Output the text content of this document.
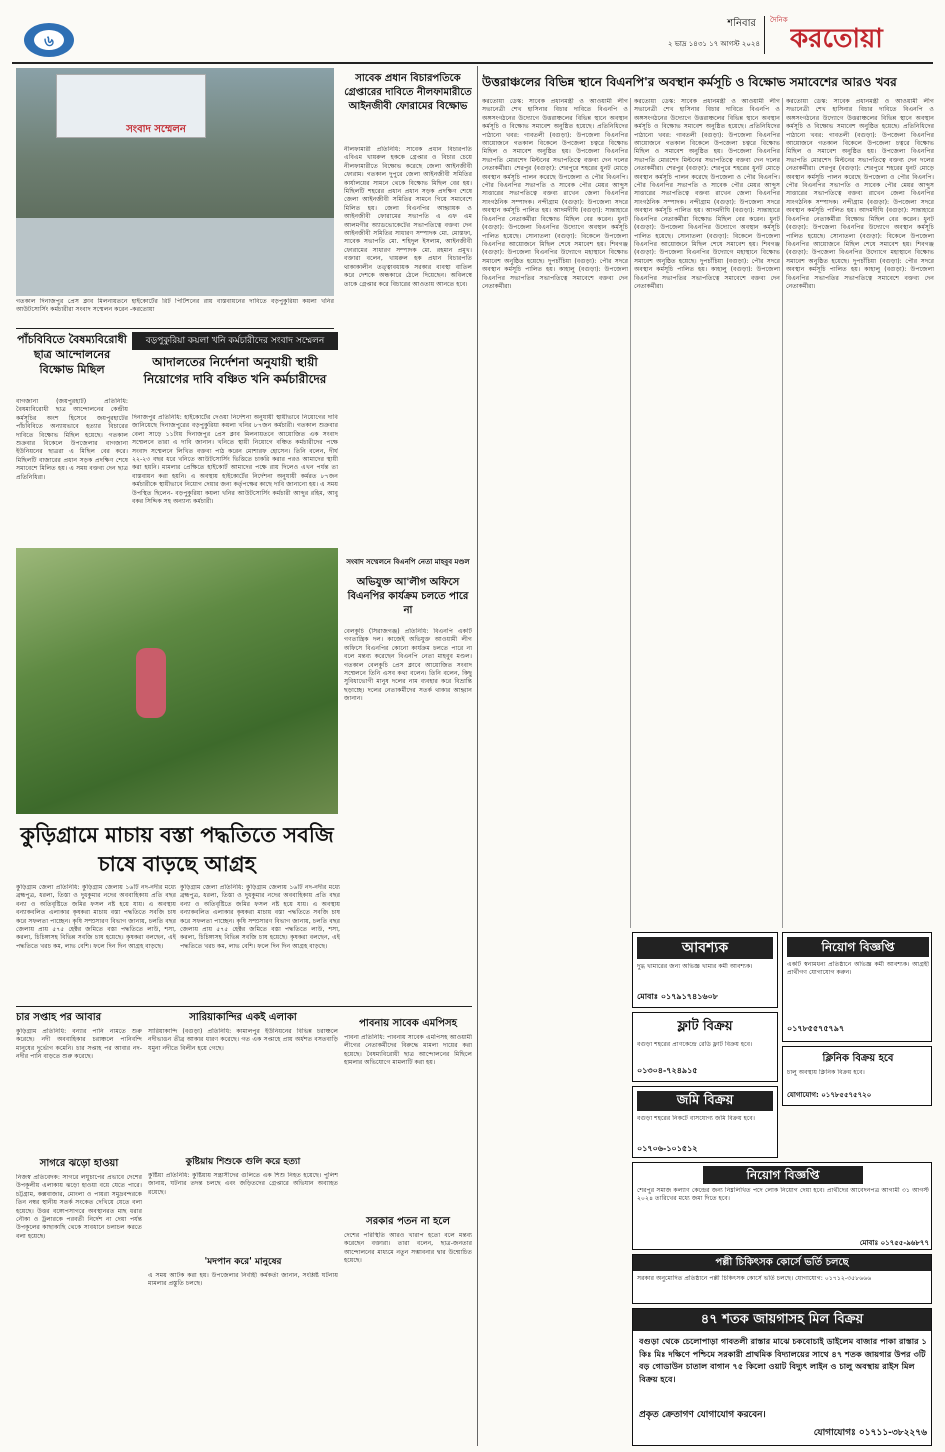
৬
শনিবার
২ ভাদ্র ১৪৩১ ১৭ আগস্ট ২০২৪
দৈনিক
করতোয়া
সংবাদ সম্মেলন
গতকাল দিনাজপুর প্রেস ক্লাব মিলনায়তনে হাইকোর্টের রিট পিটিশনের রায় বাস্তবায়নের দাবিতে বড়পুকুরিয়া কয়লা খনির আউটসোর্সিং কর্মচারীরা সংবাদ সম্মেলন করেন -করতোয়া
সাবেক প্রধান বিচারপতিকে গ্রেপ্তারের দাবিতে নীলফামারীতে আইনজীবী ফোরামের বিক্ষোভ
নীলফামারী প্রতিনিধি: সাবেক প্রধান বিচারপতি এবিএম খায়রুল হককে গ্রেপ্তার ও বিচার চেয়ে নীলফামারীতে বিক্ষোভ করেছে জেলা আইনজীবী ফোরাম। গতকাল দুপুরে জেলা আইনজীবী সমিতির কার্যালয়ের সামনে থেকে বিক্ষোভ মিছিল বের হয়। মিছিলটি শহরের প্রধান প্রধান সড়ক প্রদক্ষিণ শেষে জেলা আইনজীবী সমিতির সামনে গিয়ে সমাবেশে মিলিত হয়। জেলা বিএনপির আহ্বায়ক ও আইনজীবী ফোরামের সভাপতি এ এফ এম আলমগীর অ্যাডভোকেটের সভাপতিত্বে বক্তব্য দেন আইনজীবী সমিতির সাধারণ সম্পাদক মো. মোস্তফা, সাবেক সভাপতি মো. শহিদুল ইসলাম, আইনজীবী ফোরামের সাধারণ সম্পাদক মো. রহমান প্রমুখ। বক্তারা বলেন, খায়রুল হক প্রধান বিচারপতি থাকাকালীন তত্ত্বাবধায়ক সরকার ব্যবস্থা বাতিল করে দেশকে অন্ধকারে ঠেলে দিয়েছেন। অবিলম্বে তাকে গ্রেপ্তার করে বিচারের আওতায় আনতে হবে।
উত্তরাঞ্চলের বিভিন্ন স্থানে বিএনপি'র অবস্থান কর্মসূচি ও বিক্ষোভ সমাবেশের আরও খবর
করতোয়া ডেস্ক: সাবেক প্রধানমন্ত্রী ও আওয়ামী লীগ সভানেত্রী শেখ হাসিনার বিচার দাবিতে বিএনপি ও অঙ্গসংগঠনের উদ্যোগে উত্তরাঞ্চলের বিভিন্ন স্থানে অবস্থান কর্মসূচি ও বিক্ষোভ সমাবেশ অনুষ্ঠিত হয়েছে। প্রতিনিধিদের পাঠানো খবর: গাবতলী (বগুড়া): উপজেলা বিএনপির আয়োজনে গতকাল বিকেলে উপজেলা চত্বরে বিক্ষোভ মিছিল ও সমাবেশ অনুষ্ঠিত হয়। উপজেলা বিএনপির সভাপতি মোরশেদ মিল্টনের সভাপতিত্বে বক্তব্য দেন দলের নেতাকর্মীরা। শেরপুর (বগুড়া): শেরপুরে শহরের ধুনট মোড়ে অবস্থান কর্মসূচি পালন করেছে উপজেলা ও পৌর বিএনপি। পৌর বিএনপির সভাপতি ও সাবেক পৌর মেয়র আব্দুস সাত্তারের সভাপতিত্বে বক্তব্য রাখেন জেলা বিএনপির সাংগঠনিক সম্পাদক। নন্দীগ্রাম (বগুড়া): উপজেলা সদরে অবস্থান কর্মসূচি পালিত হয়। আদমদীঘি (বগুড়া): সান্তাহারে বিএনপির নেতাকর্মীরা বিক্ষোভ মিছিল বের করেন। ধুনট (বগুড়া): উপজেলা বিএনপির উদ্যোগে অবস্থান কর্মসূচি পালিত হয়েছে। সোনাতলা (বগুড়া): বিকেলে উপজেলা বিএনপির আয়োজনে মিছিল শেষে সমাবেশ হয়। শিবগঞ্জ (বগুড়া): উপজেলা বিএনপির উদ্যোগে মহাস্থানে বিক্ষোভ সমাবেশ অনুষ্ঠিত হয়েছে। দুপচাঁচিয়া (বগুড়া): পৌর সদরে অবস্থান কর্মসূচি পালিত হয়। কাহালু (বগুড়া): উপজেলা বিএনপির সভাপতির সভাপতিত্বে সমাবেশে বক্তব্য দেন নেতাকর্মীরা।
করতোয়া ডেস্ক: সাবেক প্রধানমন্ত্রী ও আওয়ামী লীগ সভানেত্রী শেখ হাসিনার বিচার দাবিতে বিএনপি ও অঙ্গসংগঠনের উদ্যোগে উত্তরাঞ্চলের বিভিন্ন স্থানে অবস্থান কর্মসূচি ও বিক্ষোভ সমাবেশ অনুষ্ঠিত হয়েছে। প্রতিনিধিদের পাঠানো খবর: গাবতলী (বগুড়া): উপজেলা বিএনপির আয়োজনে গতকাল বিকেলে উপজেলা চত্বরে বিক্ষোভ মিছিল ও সমাবেশ অনুষ্ঠিত হয়। উপজেলা বিএনপির সভাপতি মোরশেদ মিল্টনের সভাপতিত্বে বক্তব্য দেন দলের নেতাকর্মীরা। শেরপুর (বগুড়া): শেরপুরে শহরের ধুনট মোড়ে অবস্থান কর্মসূচি পালন করেছে উপজেলা ও পৌর বিএনপি। পৌর বিএনপির সভাপতি ও সাবেক পৌর মেয়র আব্দুস সাত্তারের সভাপতিত্বে বক্তব্য রাখেন জেলা বিএনপির সাংগঠনিক সম্পাদক। নন্দীগ্রাম (বগুড়া): উপজেলা সদরে অবস্থান কর্মসূচি পালিত হয়। আদমদীঘি (বগুড়া): সান্তাহারে বিএনপির নেতাকর্মীরা বিক্ষোভ মিছিল বের করেন। ধুনট (বগুড়া): উপজেলা বিএনপির উদ্যোগে অবস্থান কর্মসূচি পালিত হয়েছে। সোনাতলা (বগুড়া): বিকেলে উপজেলা বিএনপির আয়োজনে মিছিল শেষে সমাবেশ হয়। শিবগঞ্জ (বগুড়া): উপজেলা বিএনপির উদ্যোগে মহাস্থানে বিক্ষোভ সমাবেশ অনুষ্ঠিত হয়েছে। দুপচাঁচিয়া (বগুড়া): পৌর সদরে অবস্থান কর্মসূচি পালিত হয়। কাহালু (বগুড়া): উপজেলা বিএনপির সভাপতির সভাপতিত্বে সমাবেশে বক্তব্য দেন নেতাকর্মীরা।
করতোয়া ডেস্ক: সাবেক প্রধানমন্ত্রী ও আওয়ামী লীগ সভানেত্রী শেখ হাসিনার বিচার দাবিতে বিএনপি ও অঙ্গসংগঠনের উদ্যোগে উত্তরাঞ্চলের বিভিন্ন স্থানে অবস্থান কর্মসূচি ও বিক্ষোভ সমাবেশ অনুষ্ঠিত হয়েছে। প্রতিনিধিদের পাঠানো খবর: গাবতলী (বগুড়া): উপজেলা বিএনপির আয়োজনে গতকাল বিকেলে উপজেলা চত্বরে বিক্ষোভ মিছিল ও সমাবেশ অনুষ্ঠিত হয়। উপজেলা বিএনপির সভাপতি মোরশেদ মিল্টনের সভাপতিত্বে বক্তব্য দেন দলের নেতাকর্মীরা। শেরপুর (বগুড়া): শেরপুরে শহরের ধুনট মোড়ে অবস্থান কর্মসূচি পালন করেছে উপজেলা ও পৌর বিএনপি। পৌর বিএনপির সভাপতি ও সাবেক পৌর মেয়র আব্দুস সাত্তারের সভাপতিত্বে বক্তব্য রাখেন জেলা বিএনপির সাংগঠনিক সম্পাদক। নন্দীগ্রাম (বগুড়া): উপজেলা সদরে অবস্থান কর্মসূচি পালিত হয়। আদমদীঘি (বগুড়া): সান্তাহারে বিএনপির নেতাকর্মীরা বিক্ষোভ মিছিল বের করেন। ধুনট (বগুড়া): উপজেলা বিএনপির উদ্যোগে অবস্থান কর্মসূচি পালিত হয়েছে। সোনাতলা (বগুড়া): বিকেলে উপজেলা বিএনপির আয়োজনে মিছিল শেষে সমাবেশ হয়। শিবগঞ্জ (বগুড়া): উপজেলা বিএনপির উদ্যোগে মহাস্থানে বিক্ষোভ সমাবেশ অনুষ্ঠিত হয়েছে। দুপচাঁচিয়া (বগুড়া): পৌর সদরে অবস্থান কর্মসূচি পালিত হয়। কাহালু (বগুড়া): উপজেলা বিএনপির সভাপতির সভাপতিত্বে সমাবেশে বক্তব্য দেন নেতাকর্মীরা।
পাঁচবিবিতে বৈষম্যবিরোধী ছাত্র আন্দোলনের বিক্ষোভ মিছিল
বাগজানা (জয়পুরহাট) প্রতিনিধি: বৈষম্যবিরোধী ছাত্র আন্দোলনের কেন্দ্রীয় কর্মসূচির অংশ হিসেবে জয়পুরহাটের পাঁচবিবিতে অন্যায়ভাবে হত্যার বিচারের দাবিতে বিক্ষোভ মিছিল হয়েছে। গতকাল শুক্রবার বিকেলে উপজেলার বাগজানা ইউনিয়নের ছাত্ররা এ মিছিল বের করে। মিছিলটি বাজারের প্রধান সড়ক প্রদক্ষিণ শেষে সমাবেশে মিলিত হয়। এ সময় বক্তব্য দেন ছাত্র প্রতিনিধিরা।
বড়পুকুরিয়া কয়লা খনি কর্মচারীদের সংবাদ সম্মেলন
আদালতের নির্দেশনা অনুযায়ী স্থায়ী নিয়োগের দাবি বঞ্চিত খনি কর্মচারীদের
দিনাজপুর প্রতিনিধি: হাইকোর্টের দেওয়া নির্দেশনা অনুযায়ী স্থায়ীভাবে নিয়োগের দাবি জানিয়েছে দিনাজপুরের বড়পুকুরিয়া কয়লা খনির ৮৭জন কর্মচারী। গতকাল শুক্রবার বেলা সাড়ে ১১টায় দিনাজপুর প্রেস ক্লাব মিলনায়তনে আয়োজিত এক সংবাদ সম্মেলনে তারা এ দাবি জানান। খনিতে স্থায়ী নিয়োগে বঞ্চিত কর্মচারীদের পক্ষে সংবাদ সম্মেলনে লিখিত বক্তব্য পাঠ করেন মোশারফ হোসেন। তিনি বলেন, দীর্ঘ ২২-২৩ বছর ধরে খনিতে আউটসোর্সিং ভিত্তিতে চাকরি করার পরও আমাদের স্থায়ী করা হয়নি। মামলার প্রেক্ষিতে হাইকোর্ট আমাদের পক্ষে রায় দিলেও এখন পর্যন্ত তা বাস্তবায়ন করা হয়নি। এ অবস্থায় হাইকোর্টের নির্দেশনা অনুযায়ী কর্মরত ৮৭জন কর্মচারীকে স্থায়ীভাবে নিয়োগ দেয়ার জন্য কর্তৃপক্ষের কাছে দাবি জানানো হয়। এ সময় উপস্থিত ছিলেন- বড়পুকুরিয়া কয়লা খনির আউটসোর্সিং কর্মচারী আব্দুর রহিম, আবু বকর সিদ্দিক সহ অন্যান্য কর্মচারী।
সংবাদ সম্মেলনে বিএনপি নেতা মাহবুব মণ্ডল
অভিযুক্ত আ'লীগ অফিসে বিএনপির কার্যক্রম চলতে পারে না
বেলকুচি (সিরাজগঞ্জ) প্রতিনিধি: বিএনপি একটি গণতান্ত্রিক দল। কাজেই অভিযুক্ত আওয়ামী লীগ অফিসে বিএনপির কোনো কার্যক্রম চলতে পারে না বলে মন্তব্য করেছেন বিএনপি নেতা মাহবুব মণ্ডল। গতকাল বেলকুচি প্রেস ক্লাবে আয়োজিত সংবাদ সম্মেলনে তিনি এসব কথা বলেন। তিনি বলেন, কিছু সুবিধাভোগী মানুষ দলের নাম ব্যবহার করে বিভ্রান্তি ছড়াচ্ছে। দলের নেতাকর্মীদের সতর্ক থাকার আহ্বান জানান।
কুড়িগ্রামে মাচায় বস্তা পদ্ধতিতে সবজি চাষে বাড়ছে আগ্রহ
কুড়িগ্রাম জেলা প্রতিনিধি: কুড়িগ্রাম জেলায় ১৬টি নদ-নদীর মধ্যে ব্রহ্মপুত্র, ধরলা, তিস্তা ও দুধকুমার নদের অববাহিকায় প্রতি বছর বন্যা ও অতিবৃষ্টিতে জমির ফসল নষ্ট হয়ে যায়। এ অবস্থায় বন্যাকবলিত এলাকার কৃষকরা মাচায় বস্তা পদ্ধতিতে সবজি চাষ করে সফলতা পাচ্ছেন। কৃষি সম্প্রসারণ বিভাগ জানায়, চলতি বছর জেলায় প্রায় ৫৭৫ হেক্টর জমিতে বস্তা পদ্ধতিতে লাউ, শসা, করলা, চিচিঙ্গাসহ বিভিন্ন সবজি চাষ হয়েছে। কৃষকরা বলছেন, এই পদ্ধতিতে খরচ কম, লাভ বেশি। ফলে দিন দিন আগ্রহ বাড়ছে।
কুড়িগ্রাম জেলা প্রতিনিধি: কুড়িগ্রাম জেলায় ১৬টি নদ-নদীর মধ্যে ব্রহ্মপুত্র, ধরলা, তিস্তা ও দুধকুমার নদের অববাহিকায় প্রতি বছর বন্যা ও অতিবৃষ্টিতে জমির ফসল নষ্ট হয়ে যায়। এ অবস্থায় বন্যাকবলিত এলাকার কৃষকরা মাচায় বস্তা পদ্ধতিতে সবজি চাষ করে সফলতা পাচ্ছেন। কৃষি সম্প্রসারণ বিভাগ জানায়, চলতি বছর জেলায় প্রায় ৫৭৫ হেক্টর জমিতে বস্তা পদ্ধতিতে লাউ, শসা, করলা, চিচিঙ্গাসহ বিভিন্ন সবজি চাষ হয়েছে। কৃষকরা বলছেন, এই পদ্ধতিতে খরচ কম, লাভ বেশি। ফলে দিন দিন আগ্রহ বাড়ছে।
চার সপ্তাহ পর আবার
কুড়িগ্রাম প্রতিনিধি: বন্যার পানি নামতে শুরু করেছে। নদী অববাহিকার চরাঞ্চলে পানিবন্দি মানুষের দুর্ভোগ কমেনি। চার সপ্তাহ পর আবার নদ-নদীর পানি বাড়তে শুরু করেছে।
সাগরে ঝড়ো হাওয়া
নিজস্ব প্রতিবেদক: সাগরে লঘুচাপের প্রভাবে দেশের উপকূলীয় এলাকায় ঝড়ো হাওয়া বয়ে যেতে পারে। চট্টগ্রাম, কক্সবাজার, মোংলা ও পায়রা সমুদ্রবন্দরকে তিন নম্বর স্থানীয় সতর্ক সংকেত দেখিয়ে যেতে বলা হয়েছে। উত্তর বঙ্গোপসাগরে অবস্থানরত মাছ ধরার নৌকা ও ট্রলারকে পরবর্তী নির্দেশ না দেয়া পর্যন্ত উপকূলের কাছাকাছি থেকে সাবধানে চলাচল করতে বলা হয়েছে।
সারিয়াকান্দির একই এলাকা
সারিয়াকান্দি (বগুড়া) প্রতিনিধি: কামালপুর ইউনিয়নের বিভিন্ন চরাঞ্চলে নদীভাঙন তীব্র আকার ধারণ করেছে। গত এক সপ্তাহে প্রায় অর্ধশত বসতবাড়ি যমুনা নদীতে বিলীন হয়ে গেছে।
কুষ্টিয়ায় শিশুকে গুলি করে হত্যা
কুষ্টিয়া প্রতিনিধি: কুষ্টিয়ায় সন্ত্রাসীদের গুলিতে এক শিশু নিহত হয়েছে। পুলিশ জানায়, ঘটনার তদন্ত চলছে এবং জড়িতদের গ্রেপ্তারে অভিযান অব্যাহত রয়েছে।
'মদপান করে' মানুষের
এ সময় আটক করা হয়। উপজেলার নির্বাহী কর্মকর্তা জানান, সংশ্লিষ্ট ঘটনায় মামলার প্রস্তুতি চলছে।
পাবনায় সাবেক এমপিসহ
পাবনা প্রতিনিধি: পাবনায় সাবেক এমপিসহ আওয়ামী লীগের নেতাকর্মীদের বিরুদ্ধে মামলা দায়ের করা হয়েছে। বৈষম্যবিরোধী ছাত্র আন্দোলনের মিছিলে হামলার অভিযোগে মামলাটি করা হয়।
সরকার পতন না হলে
দেশের পরিস্থিতি আরও খারাপ হতো বলে মন্তব্য করেছেন বক্তারা। তারা বলেন, ছাত্র-জনতার আন্দোলনের মাধ্যমে নতুন সম্ভাবনার দ্বার উন্মোচিত হয়েছে।
আবশ্যক
দুগ্ধ খামারের জন্য অভিজ্ঞ খামার কর্মী আবশ্যক।
মোবাঃ ০১৭৯১৭৪১৬০৮
ফ্লাট বিক্রয়
বগুড়া শহরের প্রাণকেন্দ্রে রেডি ফ্লাট বিক্রয় হবে।
০১৩০৪-৭২৪৯১৫
জমি বিক্রয়
বগুড়া শহরের নিকটে বাসযোগ্য জমি বিক্রয় হবে।
০১৭০৬-১০১৫১২
নিয়োগ বিজ্ঞপ্তি
একটি স্বনামধন্য প্রতিষ্ঠানে অভিজ্ঞ কর্মী আবশ্যক। আগ্রহী প্রার্থীগণ যোগাযোগ করুন।
০১৭৮৫৫৭৫৭৯৭
ক্লিনিক বিক্রয় হবে
চালু অবস্থায় ক্লিনিক বিক্রয় হবে।
যোগাযোগ: ০১৭৮৫৫৭৫৭২০
নিয়োগ বিজ্ঞপ্তি
শেরপুর সমাজ কল্যাণ কেন্দ্রের জন্য নিম্নলিখিত পদে লোক নিয়োগ দেয়া হবে। প্রার্থীদের আবেদনপত্র আগামী ৩১ আগস্ট ২০২৪ তারিখের মধ্যে জমা দিতে হবে।
মোবাঃ ০১৭৫৫-৯৬৮৭৭
পল্লী চিকিৎসক কোর্সে ভর্তি চলছে
সরকার অনুমোদিত প্রতিষ্ঠানে পল্লী চিকিৎসক কোর্সে ভর্তি চলছে। যোগাযোগ: ০১৭১২-৩৫৮৬৬৬
৪৭ শতক জায়গাসহ মিল বিক্রয়
বগুড়া থেকে চেলোপাড়া গাবতলী রাস্তার মাঝে চকবোচাই ডাইলেম বাজার পাকা রাস্তার ১ কিঃ মিঃ দক্ষিণে পশ্চিমে সরকারী প্রাথমিক বিদ্যালয়ের সাথে ৪৭ শতক জায়গার উপর ৩টি বড় গোডাউন চাতাল বাগান ৭৫ কিলো ওয়াট বিদ্যুৎ লাইন ও চালু অবস্থায় রাইস মিল বিক্রয় হবে।
প্রকৃত ক্রেতাগণ যোগাযোগ করবেন।
যোগাযোগঃ ০১৭১১-৩৮২২৭৬
